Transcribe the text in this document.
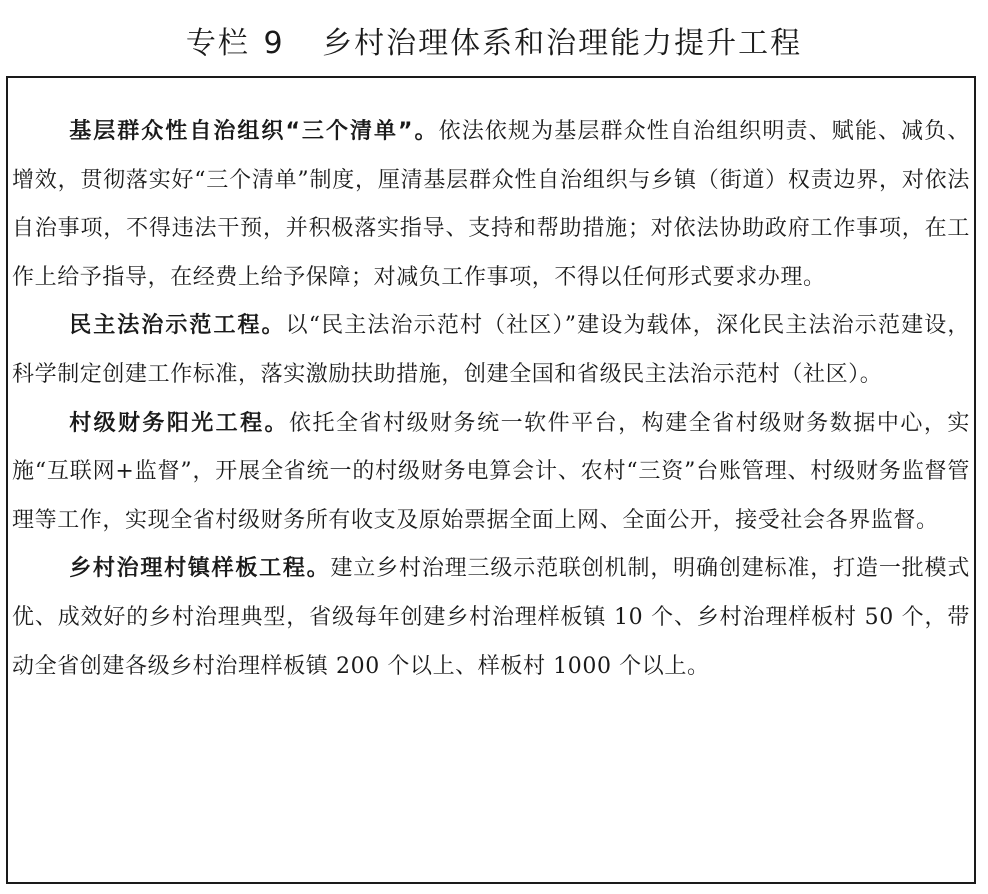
专栏 9 乡村治理体系和治理能力提升工程

基层群众性自治组织“三个清单”。依法依规为基层群众性自治组织明责、赋能、减负、增效，贯彻落实好“三个清单”制度，厘清基层群众性自治组织与乡镇（街道）权责边界，对依法自治事项，不得违法干预，并积极落实指导、支持和帮助措施；对依法协助政府工作事项，在工作上给予指导，在经费上给予保障；对减负工作事项，不得以任何形式要求办理。

民主法治示范工程。以“民主法治示范村（社区）”建设为载体，深化民主法治示范建设，科学制定创建工作标准，落实激励扶助措施，创建全国和省级民主法治示范村（社区）。

村级财务阳光工程。依托全省村级财务统一软件平台，构建全省村级财务数据中心，实施“互联网+监督”，开展全省统一的村级财务电算会计、农村“三资”台账管理、村级财务监督管理等工作，实现全省村级财务所有收支及原始票据全面上网、全面公开，接受社会各界监督。

乡村治理村镇样板工程。建立乡村治理三级示范联创机制，明确创建标准，打造一批模式优、成效好的乡村治理典型，省级每年创建乡村治理样板镇 10 个、乡村治理样板村 50 个，带动全省创建各级乡村治理样板镇 200 个以上、样板村 1000 个以上。
